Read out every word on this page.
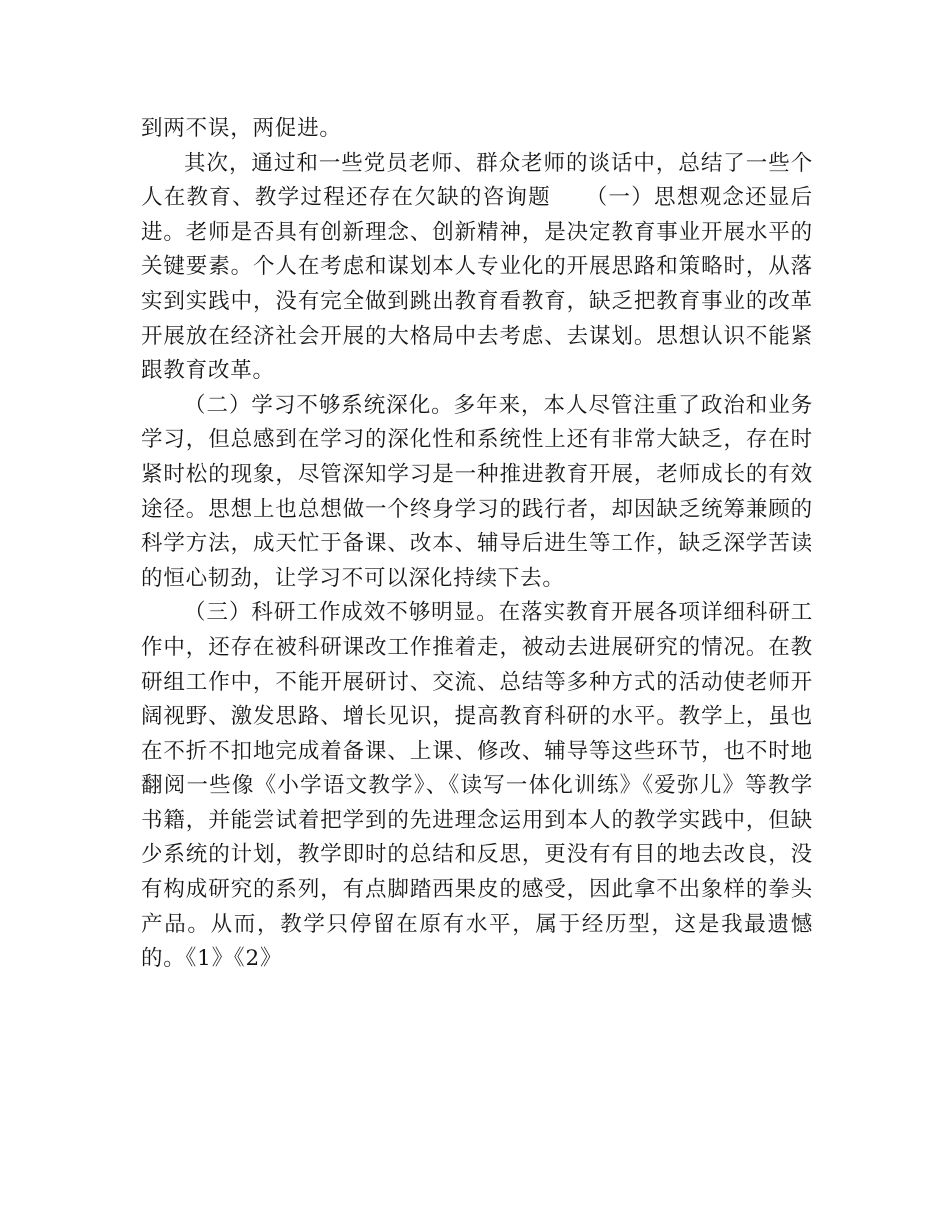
到两不误，两促进。

其次，通过和一些党员老师、群众老师的谈话中，总结了一些个人在教育、教学过程还存在欠缺的咨询题　　（一）思想观念还显后进。老师是否具有创新理念、创新精神，是决定教育事业开展水平的关键要素。个人在考虑和谋划本人专业化的开展思路和策略时，从落实到实践中，没有完全做到跳出教育看教育，缺乏把教育事业的改革开展放在经济社会开展的大格局中去考虑、去谋划。思想认识不能紧跟教育改革。

（二）学习不够系统深化。多年来，本人尽管注重了政治和业务学习，但总感到在学习的深化性和系统性上还有非常大缺乏，存在时紧时松的现象，尽管深知学习是一种推进教育开展，老师成长的有效途径。思想上也总想做一个终身学习的践行者，却因缺乏统筹兼顾的科学方法，成天忙于备课、改本、辅导后进生等工作，缺乏深学苦读的恒心韧劲，让学习不可以深化持续下去。

（三）科研工作成效不够明显。在落实教育开展各项详细科研工作中，还存在被科研课改工作推着走，被动去进展研究的情况。在教研组工作中，不能开展研讨、交流、总结等多种方式的活动使老师开阔视野、激发思路、增长见识，提高教育科研的水平。教学上，虽也在不折不扣地完成着备课、上课、修改、辅导等这些环节，也不时地翻阅一些像《小学语文教学》、《读写一体化训练》《爱弥儿》等教学书籍，并能尝试着把学到的先进理念运用到本人的教学实践中，但缺少系统的计划，教学即时的总结和反思，更没有有目的地去改良，没有构成研究的系列，有点脚踏西果皮的感受，因此拿不出象样的拳头产品。从而，教学只停留在原有水平，属于经历型，这是我最遗憾的。《1》《2》
